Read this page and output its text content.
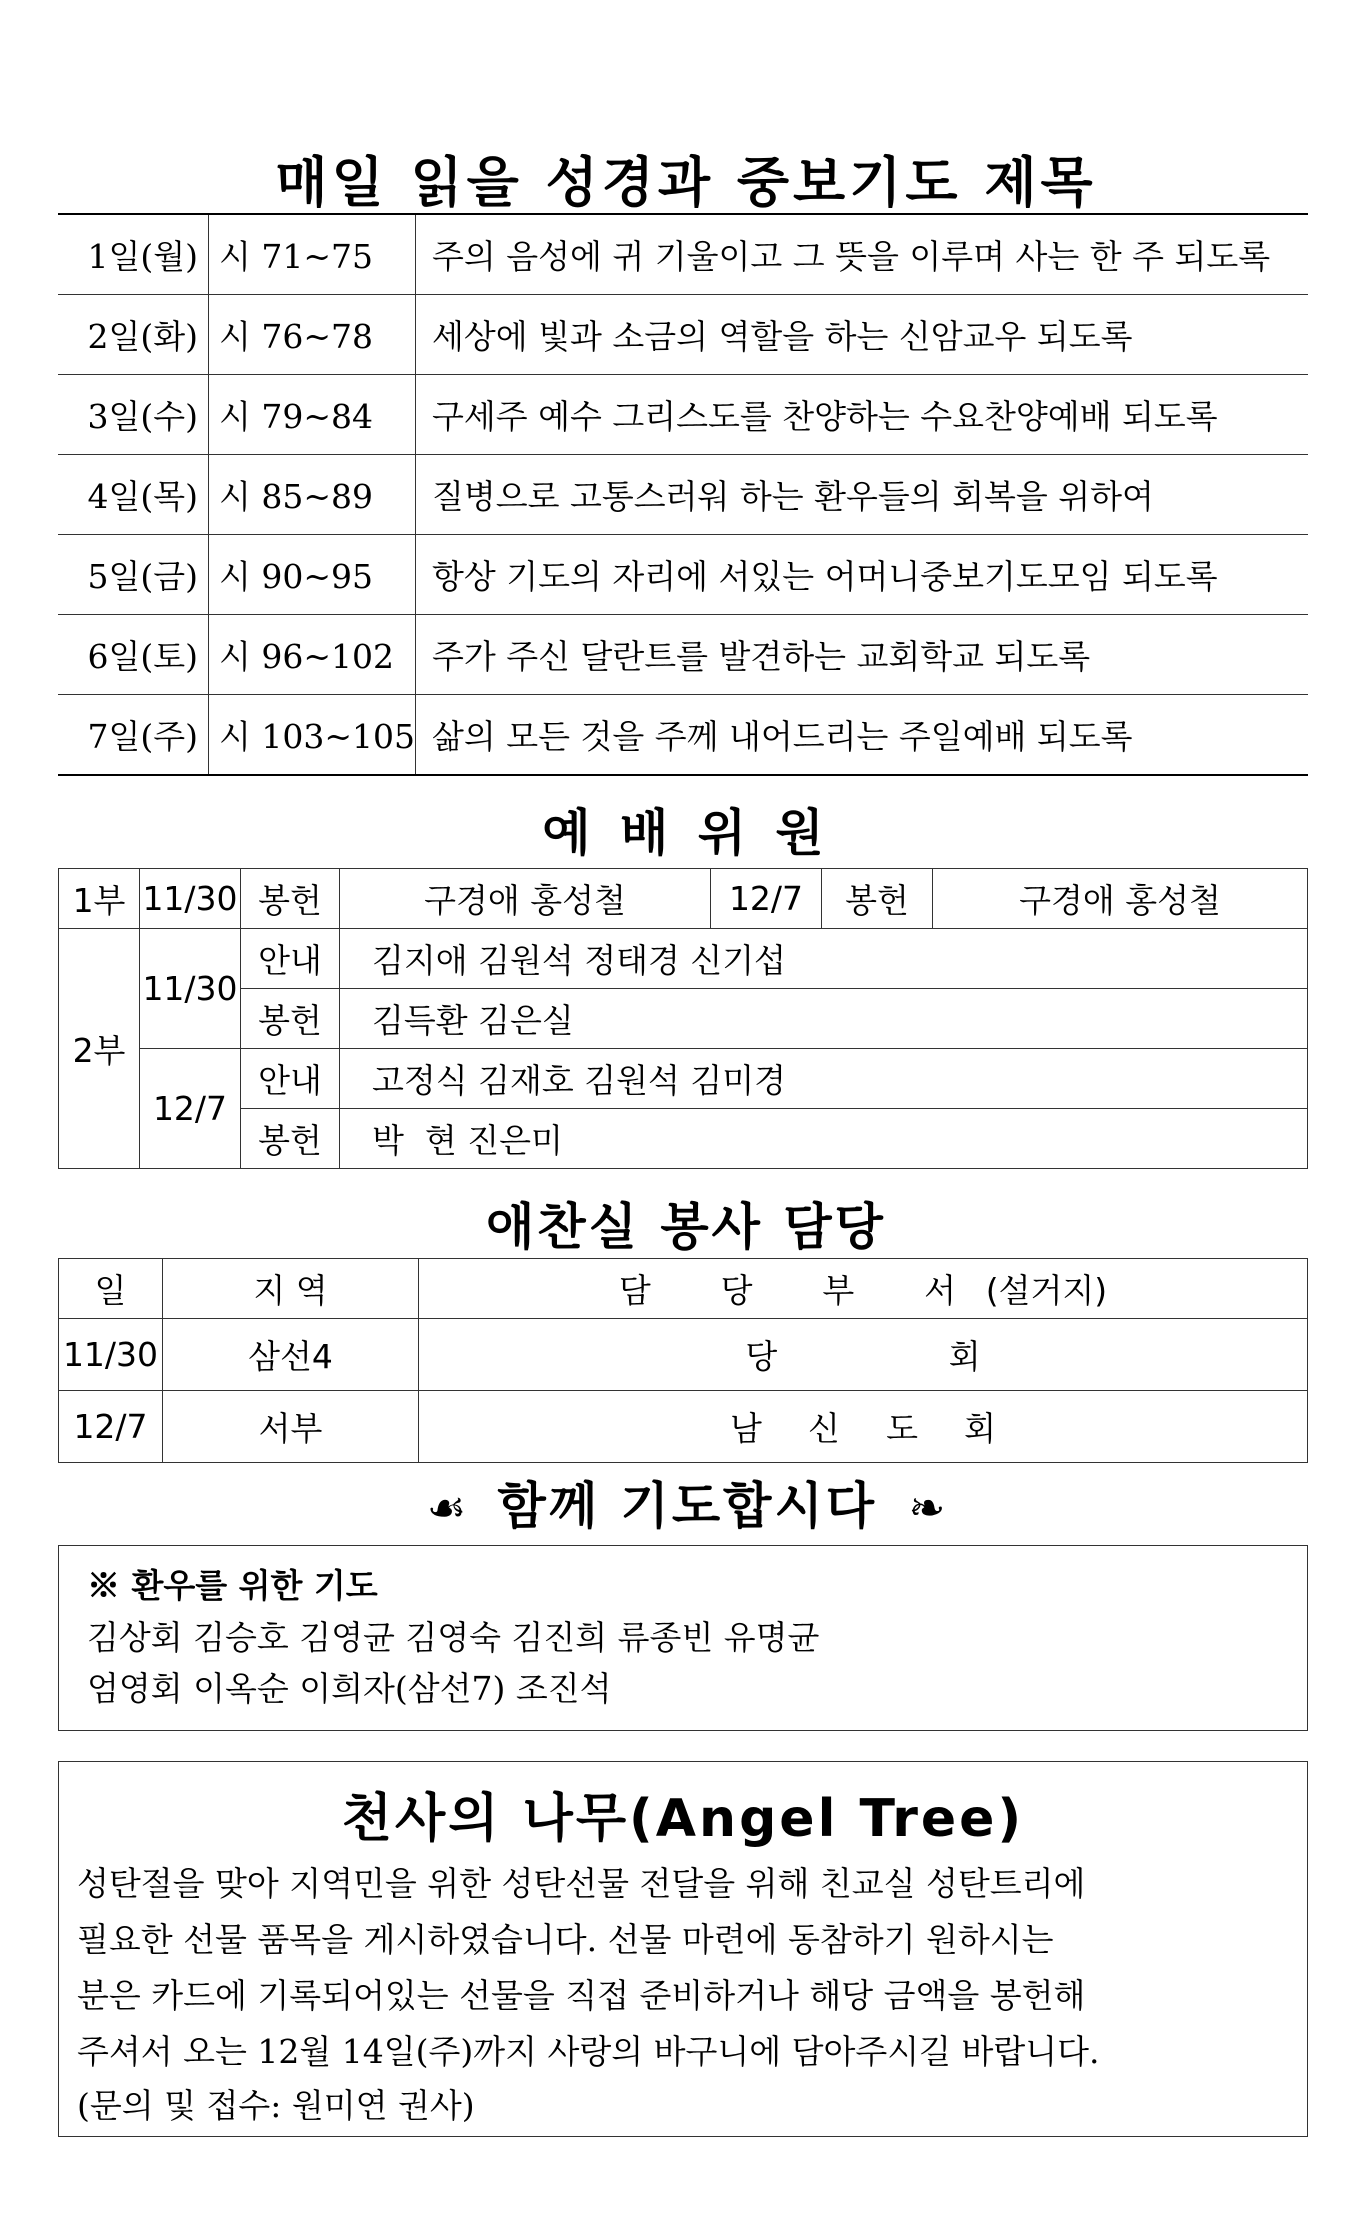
매일 읽을 성경과 중보기도 제목
1일(월)	시 71~75	주의 음성에 귀 기울이고 그 뜻을 이루며 사는 한 주 되도록
2일(화)	시 76~78	세상에 빛과 소금의 역할을 하는 신암교우 되도록
3일(수)	시 79~84	구세주 예수 그리스도를 찬양하는 수요찬양예배 되도록
4일(목)	시 85~89	질병으로 고통스러워 하는 환우들의 회복을 위하여
5일(금)	시 90~95	항상 기도의 자리에 서있는 어머니중보기도모임 되도록
6일(토)	시 96~102	주가 주신 달란트를 발견하는 교회학교 되도록
7일(주)	시 103~105	삶의 모든 것을 주께 내어드리는 주일예배 되도록
예 배 위 원
1부	11/30	봉헌	구경애 홍성철	12/7	봉헌	구경애 홍성철
2부	11/30	안내	김지애 김원석 정태경 신기섭			
		봉헌	김득환 김은실			
	12/7	안내	고정식 김재호 김원석 김미경			
		봉헌	박  현 진은미			
애찬실 봉사 담당
일	지 역	담 당 부 서(설거지)
11/30	삼선4	당회
12/7	서부	남신도회
☙ 함께 기도합시다 ❧
※ 환우를 위한 기도
김상회 김승호 김영균 김영숙 김진희 류종빈 유명균
엄영회 이옥순 이희자(삼선7) 조진석
천사의 나무(Angel Tree)
성탄절을 맞아 지역민을 위한 성탄선물 전달을 위해 친교실 성탄트리에
필요한 선물 품목을 게시하였습니다. 선물 마련에 동참하기 원하시는
분은 카드에 기록되어있는 선물을 직접 준비하거나 해당 금액을 봉헌해
주셔서 오는 12월 14일(주)까지 사랑의 바구니에 담아주시길 바랍니다.
(문의 및 접수: 원미연 권사)
